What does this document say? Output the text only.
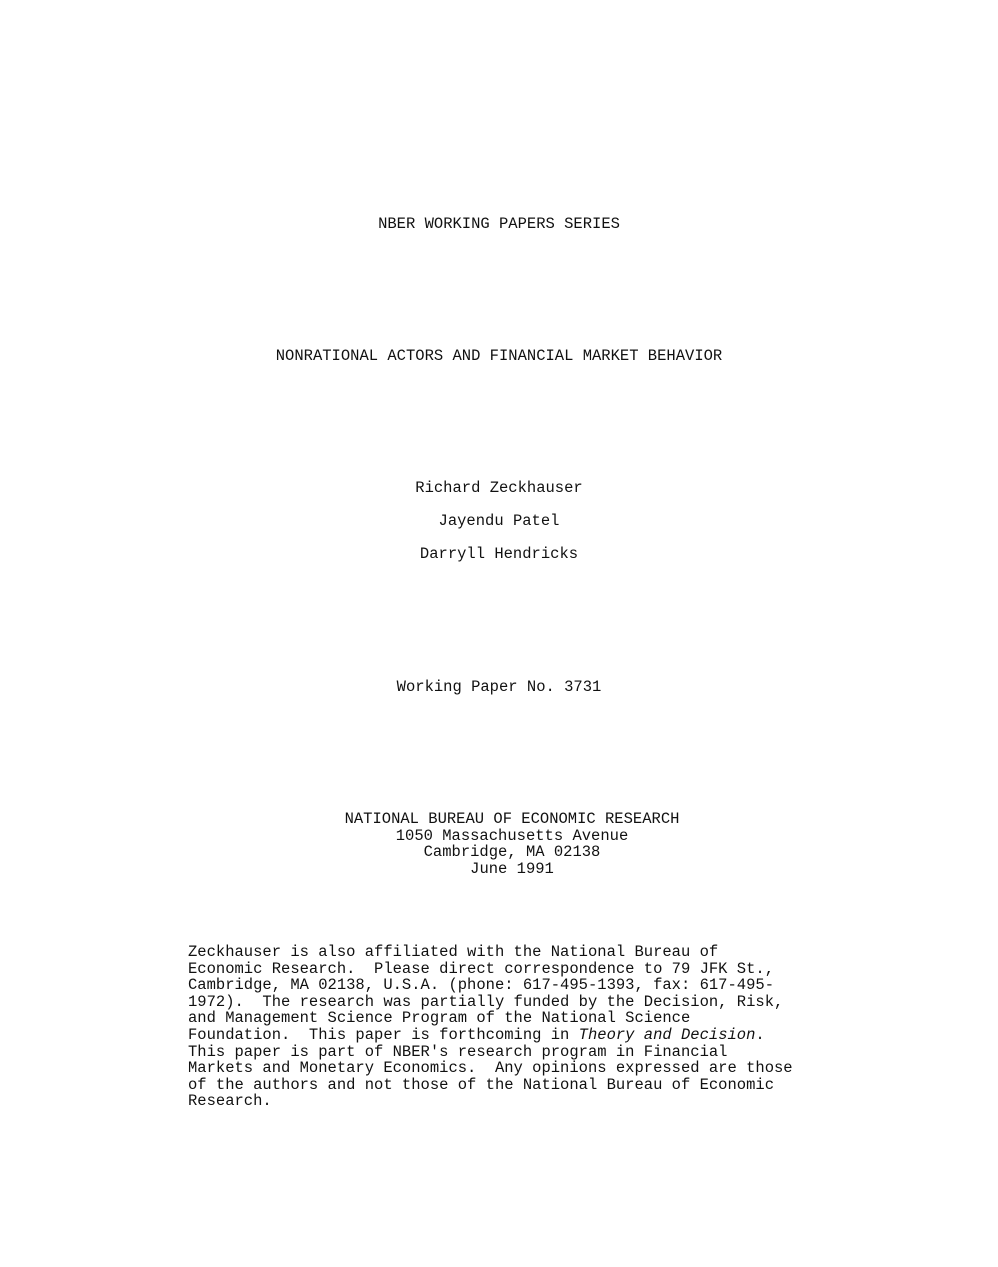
NBER WORKING PAPERS SERIES
NONRATIONAL ACTORS AND FINANCIAL MARKET BEHAVIOR
Richard Zeckhauser
Jayendu Patel
Darryll Hendricks
Working Paper No. 3731
NATIONAL BUREAU OF ECONOMIC RESEARCH
1050 Massachusetts Avenue
Cambridge, MA 02138
June 1991
Zeckhauser is also affiliated with the National Bureau of
Economic Research.  Please direct correspondence to 79 JFK St.,
Cambridge, MA 02138, U.S.A. (phone: 617-495-1393, fax: 617-495-
1972).  The research was partially funded by the Decision, Risk,
and Management Science Program of the National Science
Foundation.  This paper is forthcoming in Theory and Decision.
This paper is part of NBER's research program in Financial
Markets and Monetary Economics.  Any opinions expressed are those
of the authors and not those of the National Bureau of Economic
Research.
